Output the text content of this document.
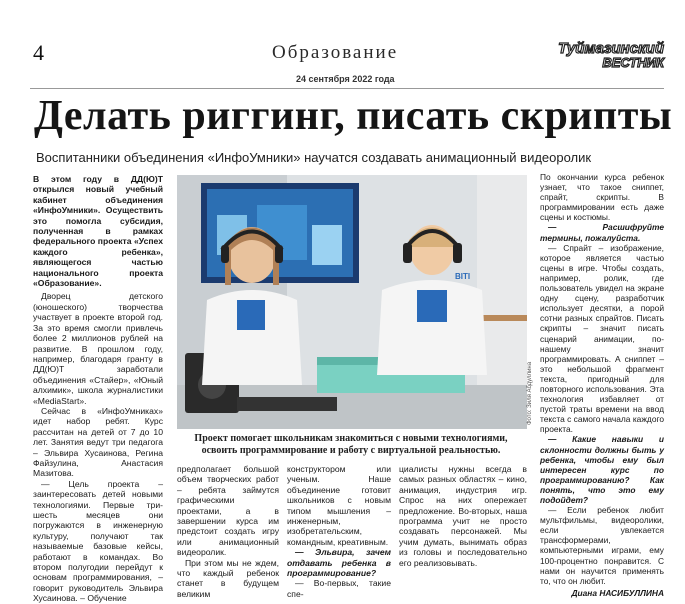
4	Образование
24 сентября 2022 года
Туймазинский
ВЕСТНИК
Делать риггинг, писать скрипты
Воспитанники объединения «ИнфоУмники» научатся создавать анимационный видеоролик

В этом году в ДД(Ю)Т открылся новый учебный кабинет объединения «ИнфоУмники». Осуществить это помогла субсидия, полученная в рамках федерального проекта «Успех каждого ребенка», являющегося частью национального проекта «Образование».

Дворец детского (юношеского) творчества участвует в проекте второй год. За это время смогли привлечь более 2 миллионов рублей на развитие. В прошлом году, например, благодаря гранту в ДД(Ю)Т заработали объединения «Стайер», «Юный алхимик», школа журналистики «MediaStart».

Сейчас в «ИнфоУмниках» идет набор ребят. Курс рассчитан на детей от 7 до 10 лет. Занятия ведут три педагога – Эльвира Хусаинова, Регина Файзулина, Анастасия Мазитова.

— Цель проекта – заинтересовать детей новыми технологиями. Первые три-шесть месяцев они погружаются в инженерную культуру, получают так называемые базовые кейсы, работают в командах. Во втором полугодии перейдут к основам программирования, – говорит руководитель Эльвира Хусаинова. – Обучение

BITI
Фото: Зиля Абдуллина
Проект помогает школьникам знакомиться с новыми технологиями, освоить программирование и работу с виртуальной реальностью.

предполагает большой объем творческих работ – ребята займутся графическими проектами, а в завершении курса им предстоит создать игру или анимационный видеоролик.

При этом мы не ждем, что каждый ребенок станет в будущем великим

конструктором или ученым. Наше объединение готовит школьников с новым типом мышления – инженерным, изобретательским, командным, креативным.

— Эльвира, зачем отдавать ребенка в программирование?

— Во-первых, такие спе-

циалисты нужны всегда в самых разных областях – кино, анимация, индустрия игр. Спрос на них опережает предложение. Во-вторых, наша программа учит не просто создавать персонажей. Мы учим думать, вынимать образ из головы и последовательно его реализовывать.

По окончании курса ребенок узнает, что такое сниппет, спрайт, скрипты. В программировании есть даже сцены и костюмы.

— Расшифруйте термины, пожалуйста.

— Спрайт – изображение, которое является частью сцены в игре. Чтобы создать, например, ролик, где пользователь увидел на экране одну сцену, разработчик использует десятки, а порой сотни разных спрайтов. Писать скрипты – значит писать сценарий анимации, по-нашему значит программировать. А сниппет – это небольшой фрагмент текста, пригодный для повторного использования. Эта технология избавляет от пустой траты времени на ввод текста с самого начала каждого проекта.

— Какие навыки и склонности должны быть у ребенка, чтобы ему был интересен курс по программированию? Как понять, что это ему подойдет?

— Если ребенок любит мультфильмы, видеоролики, если увлекается трансформерами, компьютерными играми, ему 100-процентно понравится. С нами он научится применять то, что он любит.

Диана НАСИБУЛЛИНА
